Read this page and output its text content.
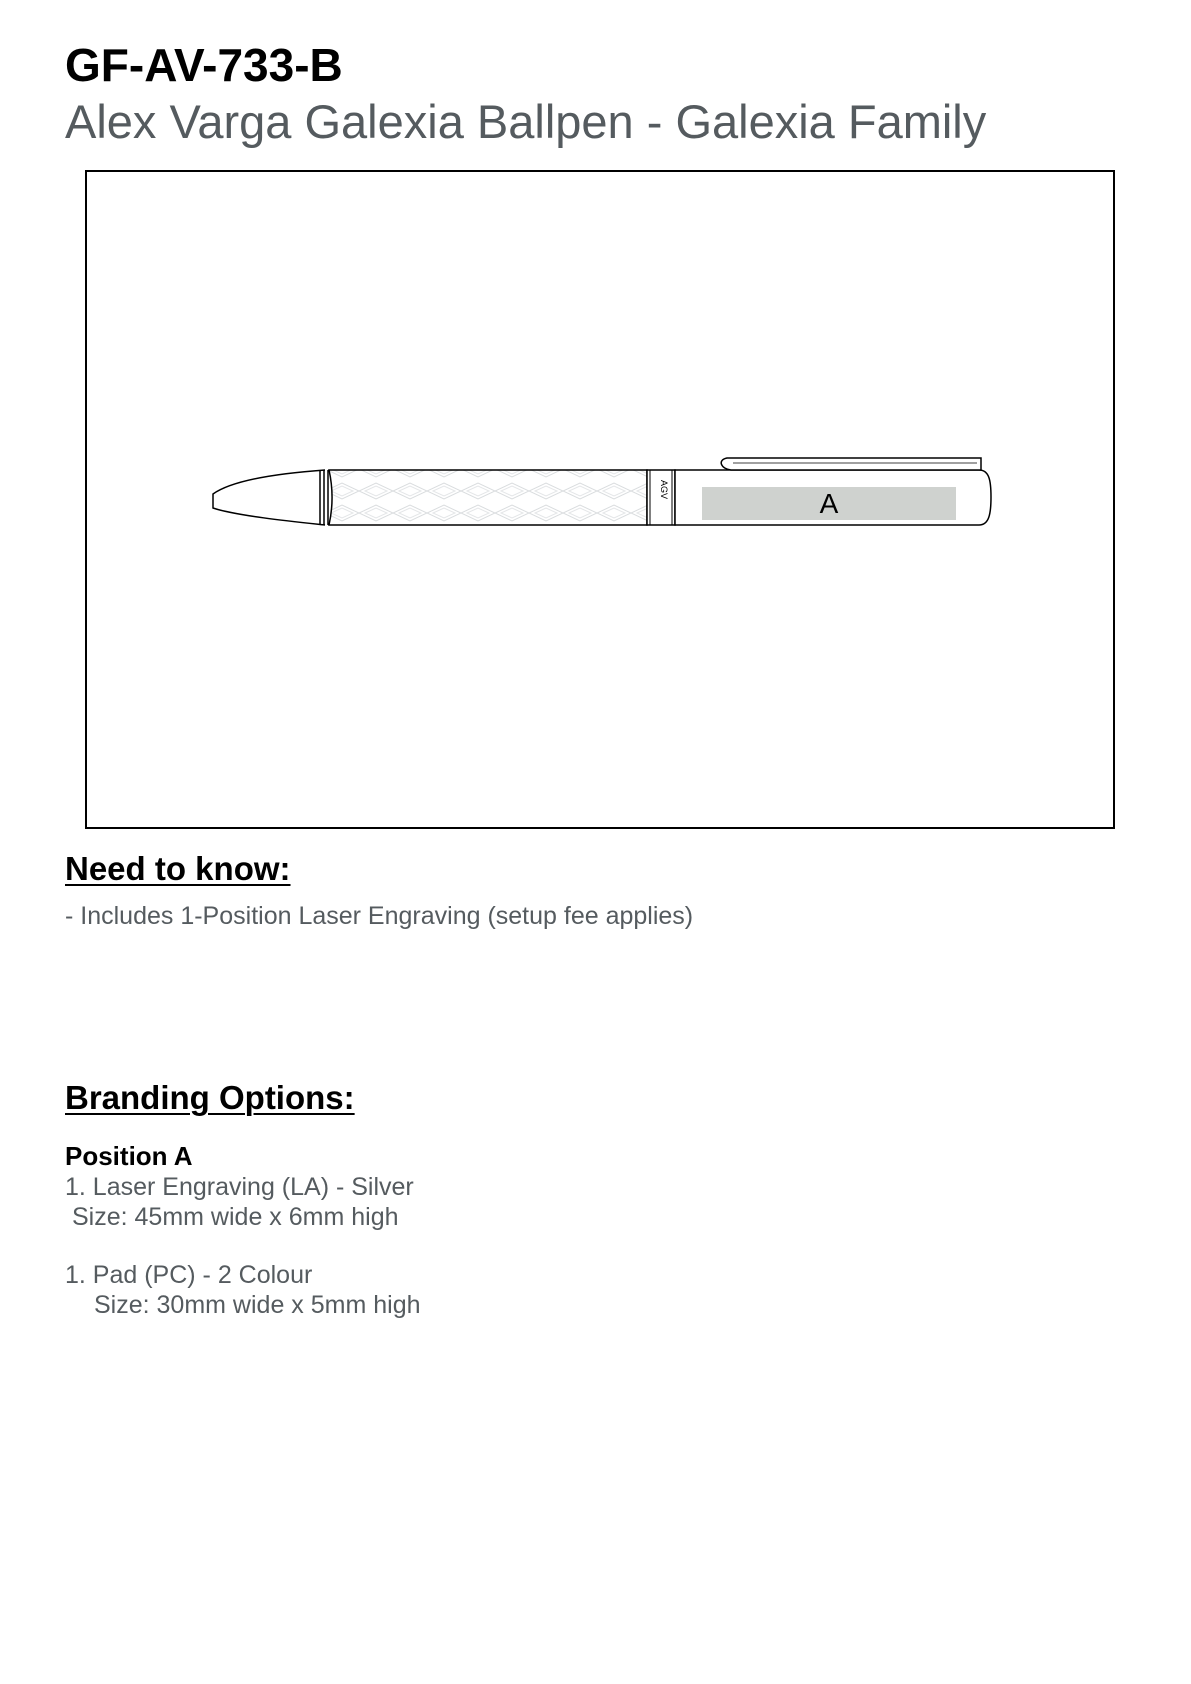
GF-AV-733-B
Alex Varga Galexia Ballpen - Galexia Family
AGV	A
Need to know:

- Includes 1-Position Laser Engraving (setup fee applies)

Branding Options:

Position A

1. Laser Engraving (LA) - Silver

Size: 45mm wide x 6mm high

1. Pad (PC) - 2 Colour

Size: 30mm wide x 5mm high
